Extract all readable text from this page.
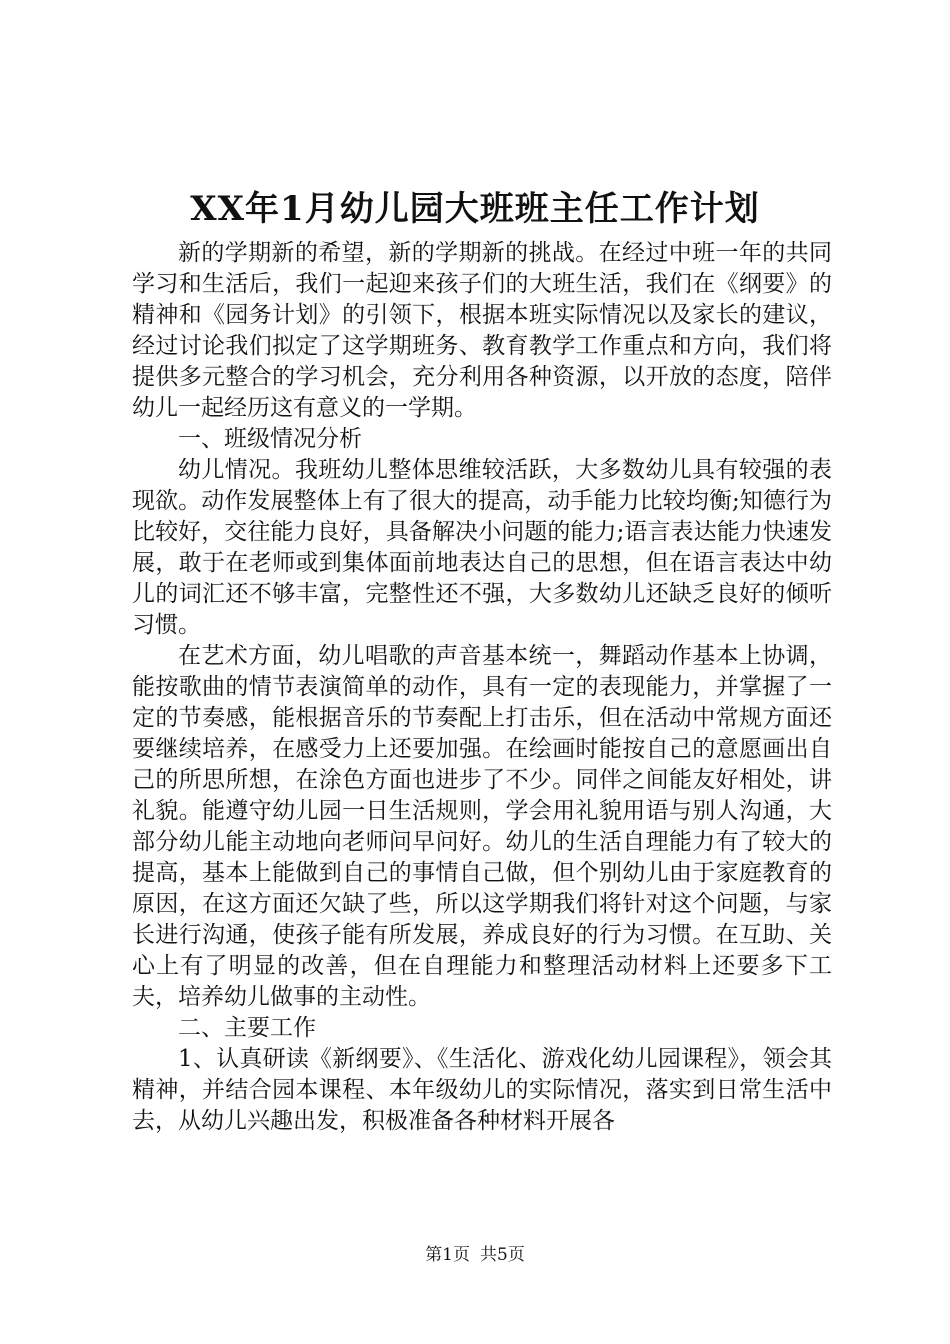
XX年1月幼儿园大班班主任工作计划

新的学期新的希望，新的学期新的挑战。在经过中班一年的共同学习和生活后，我们一起迎来孩子们的大班生活，我们在《纲要》的精神和《园务计划》的引领下，根据本班实际情况以及家长的建议，经过讨论我们拟定了这学期班务、教育教学工作重点和方向，我们将提供多元整合的学习机会，充分利用各种资源，以开放的态度，陪伴幼儿一起经历这有意义的一学期。

一、班级情况分析

幼儿情况。我班幼儿整体思维较活跃，大多数幼儿具有较强的表现欲。动作发展整体上有了很大的提高，动手能力比较均衡;知德行为比较好，交往能力良好，具备解决小问题的能力;语言表达能力快速发展，敢于在老师或到集体面前地表达自己的思想，但在语言表达中幼儿的词汇还不够丰富，完整性还不强，大多数幼儿还缺乏良好的倾听习惯。

在艺术方面，幼儿唱歌的声音基本统一，舞蹈动作基本上协调，能按歌曲的情节表演简单的动作，具有一定的表现能力，并掌握了一定的节奏感，能根据音乐的节奏配上打击乐，但在活动中常规方面还要继续培养，在感受力上还要加强。在绘画时能按自己的意愿画出自己的所思所想，在涂色方面也进步了不少。同伴之间能友好相处，讲礼貌。能遵守幼儿园一日生活规则，学会用礼貌用语与别人沟通，大部分幼儿能主动地向老师问早问好。幼儿的生活自理能力有了较大的提高，基本上能做到自己的事情自己做，但个别幼儿由于家庭教育的原因，在这方面还欠缺了些，所以这学期我们将针对这个问题，与家长进行沟通，使孩子能有所发展，养成良好的行为习惯。在互助、关心上有了明显的改善，但在自理能力和整理活动材料上还要多下工夫，培养幼儿做事的主动性。

二、主要工作

1、认真研读《新纲要》、《生活化、游戏化幼儿园课程》，领会其精神，并结合园本课程、本年级幼儿的实际情况，落实到日常生活中去，从幼儿兴趣出发，积极准备各种材料开展各

第1页 共5页
